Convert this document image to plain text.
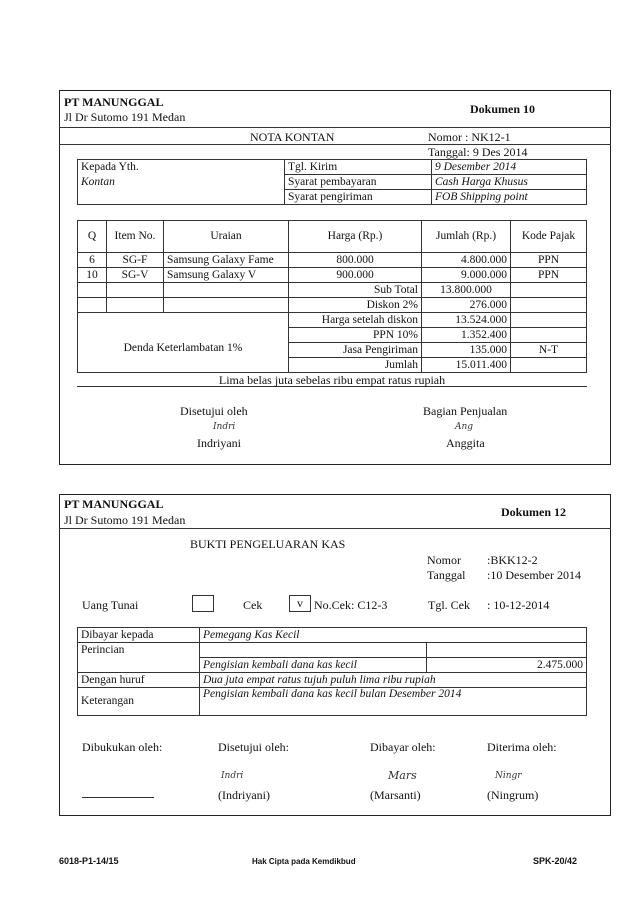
PT MANUNGGAL
Jl Dr Sutomo 191 Medan
Dokumen 10
NOTA KONTAN	Nomor : NK12-1
Tanggal: 9 Des 2014
Kepada Yth.	Tgl. Kirim	9 Desember 2014
Kontan	Syarat pembayaran	Cash Harga Khusus
	Syarat pengiriman	FOB Shipping point
Q	Item No.	Uraian	Harga (Rp.)	Jumlah (Rp.)	Kode Pajak
6	SG-F	Samsung Galaxy Fame	800.000	4.800.000	PPN
10	SG-V	Samsung Galaxy V	900.000	9.000.000	PPN
			Sub Total	13.800.000	
			Diskon 2%	276.000	
Denda Keterlambatan 1%			Harga setelah diskon	13.524.000	
			PPN 10%	1.352.400	
			Jasa Pengiriman	135.000	N-T
			Jumlah	15.011.400	
Lima belas juta sebelas ribu empat ratus rupiah
Disetujui oleh
Indri
Indriyani
Bagian Penjualan
Ang
Anggita
PT MANUNGGAL
Jl Dr Sutomo 191 Medan
Dokumen 12
BUKTI PENGELUARAN KAS
Nomor :BKK12-2
Tanggal :10 Desember 2014
Uang Tunai	Cek	v No.Cek: C12-3	Tgl. Cek : 10-12-2014
Dibayar kepada	Pemegang Kas Kecil	
Perincian		
	Pengisian kembali dana kas kecil	2.475.000
Dengan huruf	Dua juta empat ratus tujuh puluh lima ribu rupiah	
Keterangan	Pengisian kembali dana kas kecil bulan Desember 2014	
Dibukukan oleh:	Disetujui oleh:	Dibayar oleh:	Diterima oleh:
Indri	Mars	Ningr
(Indriyani)	(Marsanti)	(Ningrum)
6018-P1-14/15	Hak Cipta pada Kemdikbud	SPK-20/42
